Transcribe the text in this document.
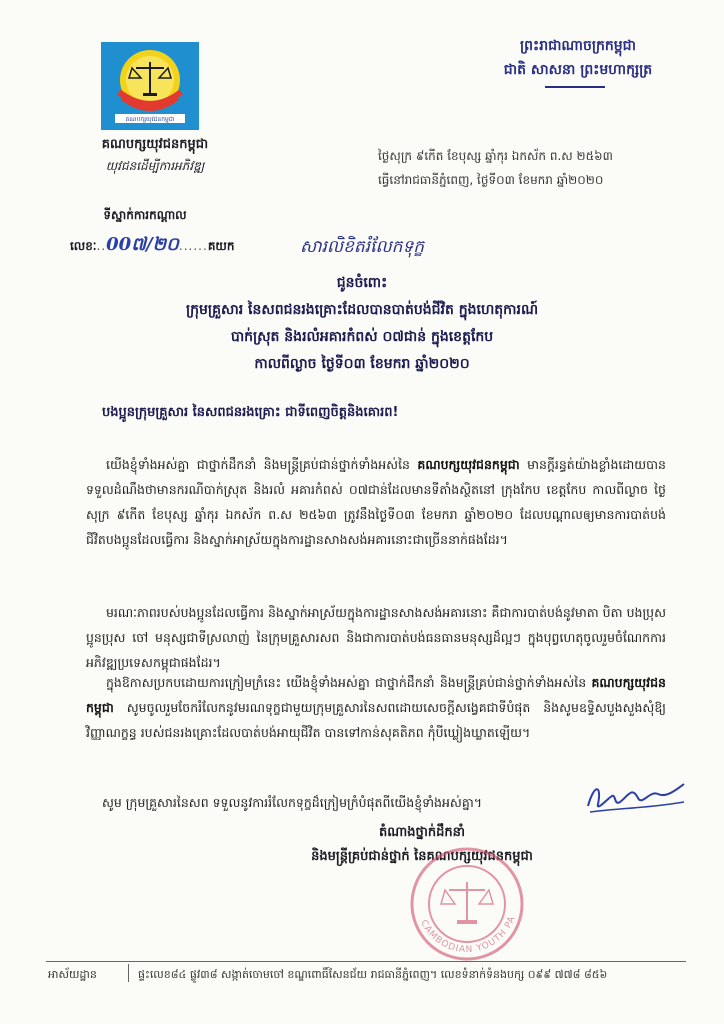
គណបក្សយុវជនកម្ពុជា
គណបក្សយុវជនកម្ពុជា
យុវជនដើម្បីការអភិវឌ្ឍ
ទីស្នាក់ការកណ្តាល
លេខៈ..00៧/២០......គយក
ព្រះរាជាណាចក្រកម្ពុជា
ជាតិ សាសនា ព្រះមហាក្សត្រ
ថ្ងៃសុក្រ ៩កើត ខែបុស្ស ឆ្នាំកុរ ឯកស័ក ព.ស ២៥៦៣
ធ្វើនៅរាជធានីភ្នំពេញ, ថ្ងៃទី០៣ ខែមករា ឆ្នាំ២០២០
សារលិខិតរំលែកទុក្ខ
ជូនចំពោះ
ក្រុមគ្រួសារ នៃសពជនរងគ្រោះដែលបានបាត់បង់ជីវិត ក្នុងហេតុការណ៍
បាក់ស្រុត និងរលំអគារកំពស់ ០៧ជាន់ ក្នុងខេត្តកែប
កាលពីល្ងាច ថ្ងៃទី០៣ ខែមករា ឆ្នាំ២០២០
បងប្អូនក្រុមគ្រួសារ នៃសពជនរងគ្រោះ ជាទីពេញចិត្តនិងគោរព!
យើងខ្ញុំទាំងអស់គ្នា ជាថ្នាក់ដឹកនាំ និងមន្ត្រីគ្រប់ជាន់ថ្នាក់ទាំងអស់នៃ គណបក្សយុវជនកម្ពុជា មានក្តីរន្ធត់យ៉ាងខ្លាំងដោយបានទទួលដំណឹងថាមានករណីបាក់ស្រុត និងរលំ អគារកំពស់ ០៧ជាន់ដែលមានទីតាំងស្ថិតនៅ ក្រុងកែប ខេត្តកែប កាលពីល្ងាច ថ្ងៃសុក្រ ៩កើត ខែបុស្ស ឆ្នាំកុរ ឯកស័ក ព.ស ២៥៦៣ ត្រូវនឹងថ្ងៃទី០៣ ខែមករា ឆ្នាំ២០២០ ដែលបណ្តាលឲ្យមានការបាត់បង់ជីវិតបងប្អូនដែលធ្វើការ និងស្នាក់អាស្រ័យក្នុងការដ្ឋានសាងសង់អគារនោះជាច្រើននាក់ផងដែរ។
មរណៈភាពរបស់បងប្អូនដែលធ្វើការ និងស្នាក់អាស្រ័យក្នុងការដ្ឋានសាងសង់អគារនោះ គឺជាការបាត់បង់នូវមាតា បិតា បងប្រុស ប្អូនប្រុស ចៅ មនុស្សជាទីស្រលាញ់ នៃក្រុមគ្រួសារសព និងជាការបាត់បង់ធនធានមនុស្សដ៏ល្អៗ ក្នុងបុព្វហេតុចូលរួមចំណែកការអភិវឌ្ឍប្រទេសកម្ពុជាផងដែរ។
ក្នុងឱកាសប្រកបដោយការក្រៀមក្រំនេះ យើងខ្ញុំទាំងអស់គ្នា ជាថ្នាក់ដឹកនាំ និងមន្ត្រីគ្រប់ជាន់ថ្នាក់ទាំងអស់នៃ គណបក្សយុវជនកម្ពុជា សូមចូលរួមចែករំលែកនូវមរណទុក្ខជាមួយក្រុមគ្រួសារនៃសពដោយសេចក្តីសង្វេគជាទីបំផុត និងសូមឧទ្ទិសបួងសួងសុំឱ្យវិញ្ញាណក្ខន្ធ របស់ជនរងគ្រោះដែលបាត់បង់អាយុជីវិត បានទៅកាន់សុគតិភព កុំបីឃ្លៀងឃ្លាតឡើយ។
សូម ក្រុមគ្រួសារនៃសព ទទួលនូវការរំលែកទុក្ខដ៏ក្រៀមក្រំបំផុតពីយើងខ្ញុំទាំងអស់គ្នា។
តំណាងថ្នាក់ដឹកនាំ
និងមន្ត្រីគ្រប់ជាន់ថ្នាក់ នៃគណបក្សយុវជនកម្ពុជា
CAMBODIAN YOUTH PA
អាស័យដ្ឋាន	ផ្ទះលេខ៨៤ ផ្លូវ៣៨ សង្កាត់ចោមចៅ ខណ្ឌពោធិ៍សែនជ័យ រាជធានីភ្នំពេញ។ លេខទំនាក់ទំនងបក្ស ០៩៩ ៧៧៨ ៨៥៦
